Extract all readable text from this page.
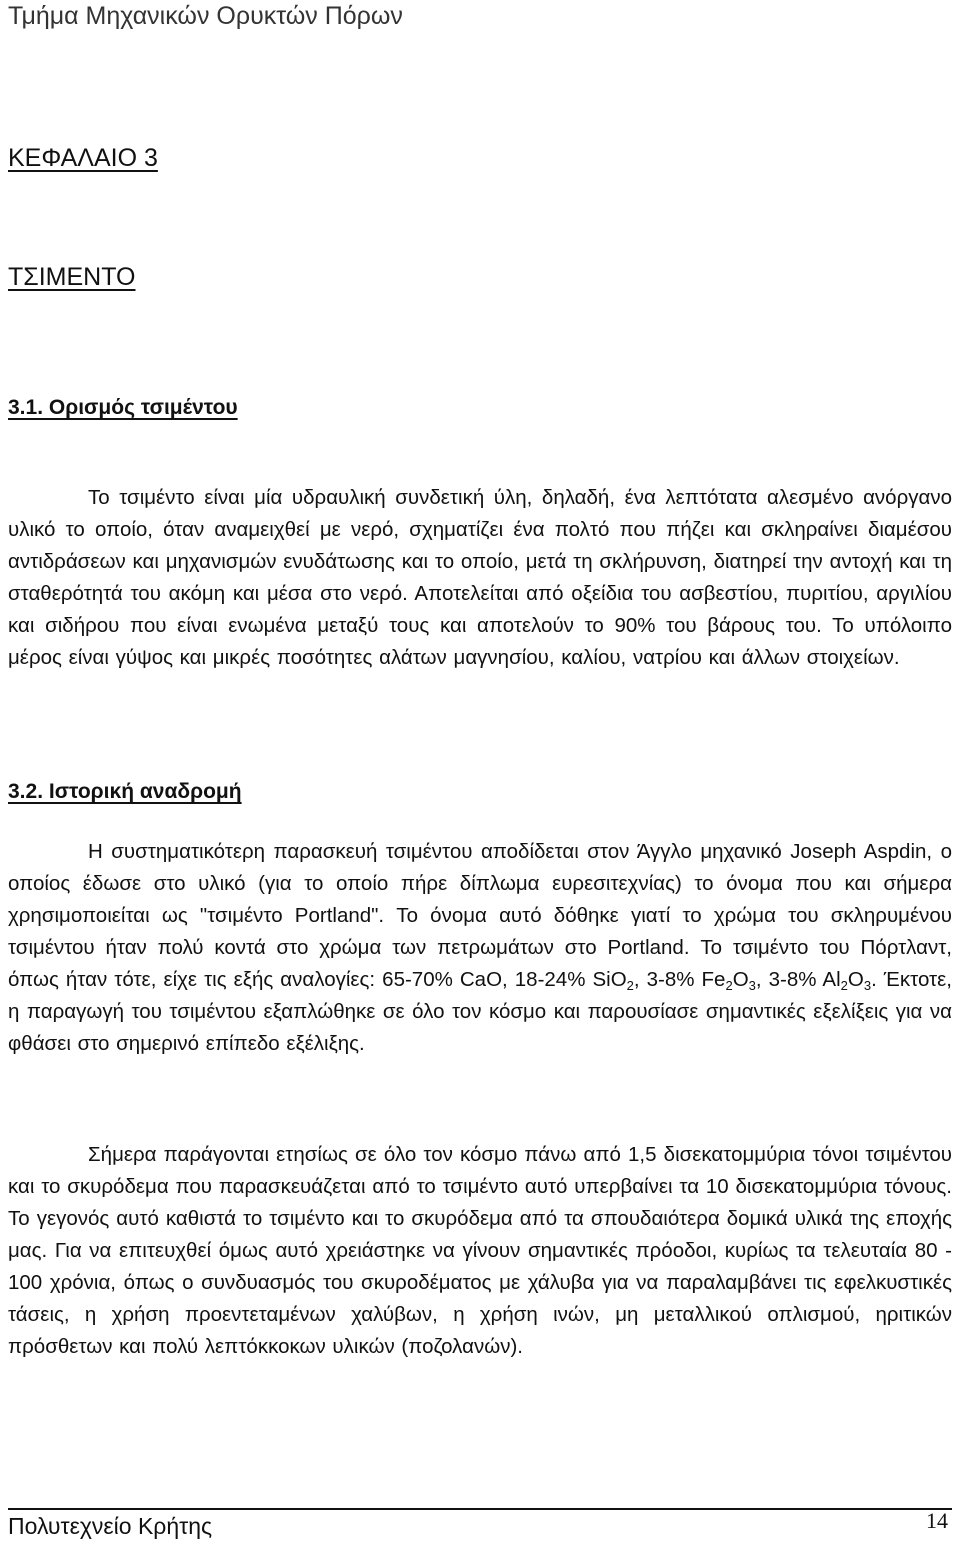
Τμήμα Μηχανικών Ορυκτών Πόρων
ΚΕΦΑΛΑΙΟ 3
ΤΣΙΜΕΝΤΟ
3.1. Ορισμός τσιμέντου

Το τσιμέντο είναι μία υδραυλική συνδετική ύλη, δηλαδή, ένα λεπτότατα αλεσμένο ανόργανο υλικό το οποίο, όταν αναμειχθεί με νερό, σχηματίζει ένα πολτό που πήζει και σκληραίνει διαμέσου αντιδράσεων και μηχανισμών ενυδάτωσης και το οποίο, μετά τη σκλήρυνση, διατηρεί την αντοχή και τη σταθερότητά του ακόμη και μέσα στο νερό. Αποτελείται από οξείδια του ασβεστίου, πυριτίου, αργιλίου και σιδήρου που είναι ενωμένα μεταξύ τους και αποτελούν το 90% του βάρους του. Το υπόλοιπο μέρος είναι γύψος και μικρές ποσότητες αλάτων μαγνησίου, καλίου, νατρίου και άλλων στοιχείων.

3.2. Ιστορική αναδρομή

Η συστηματικότερη παρασκευή τσιμέντου αποδίδεται στον Άγγλο μηχανικό Joseph Aspdin, ο οποίος έδωσε στο υλικό (για το οποίο πήρε δίπλωμα ευρεσιτεχνίας) το όνομα που και σήμερα χρησιμοποιείται ως "τσιμέντο Portland". Το όνομα αυτό δόθηκε γιατί το χρώμα του σκληρυμένου τσιμέντου ήταν πολύ κοντά στο χρώμα των πετρωμάτων στο Portland. Το τσιμέντο του Πόρτλαντ, όπως ήταν τότε, είχε τις εξής αναλογίες: 65-70% CaO, 18-24% SiO$_2$, 3-8% $Fe_2O_3$, 3-8% $Al_2O_3$. Έκτοτε, η παραγωγή του τσιμέντου εξαπλώθηκε σε όλο τον κόσμο και παρουσίασε σημαντικές εξελίξεις για να φθάσει στο σημερινό επίπεδο εξέλιξης.

Σήμερα παράγονται ετησίως σε όλο τον κόσμο πάνω από 1,5 δισεκατομμύρια τόνοι τσιμέντου και το σκυρόδεμα που παρασκευάζεται από το τσιμέντο αυτό υπερβαίνει τα 10 δισεκατομμύρια τόνους. Το γεγονός αυτό καθιστά το τσιμέντο και το σκυρόδεμα από τα σπουδαιότερα δομικά υλικά της εποχής μας. Για να επιτευχθεί όμως αυτό χρειάστηκε να γίνουν σημαντικές πρόοδοι, κυρίως τα τελευταία 80 - 100 χρόνια, όπως ο συνδυασμός του σκυροδέματος με χάλυβα για να παραλαμβάνει τις εφελκυστικές τάσεις, η χρήση προεντεταμένων χαλύβων, η χρήση ινών, μη μεταλλικού οπλισμού, ηριτικών πρόσθετων και πολύ λεπτόκκοκων υλικών (ποζολανών).

Πολυτεχνείο Κρήτης	14
